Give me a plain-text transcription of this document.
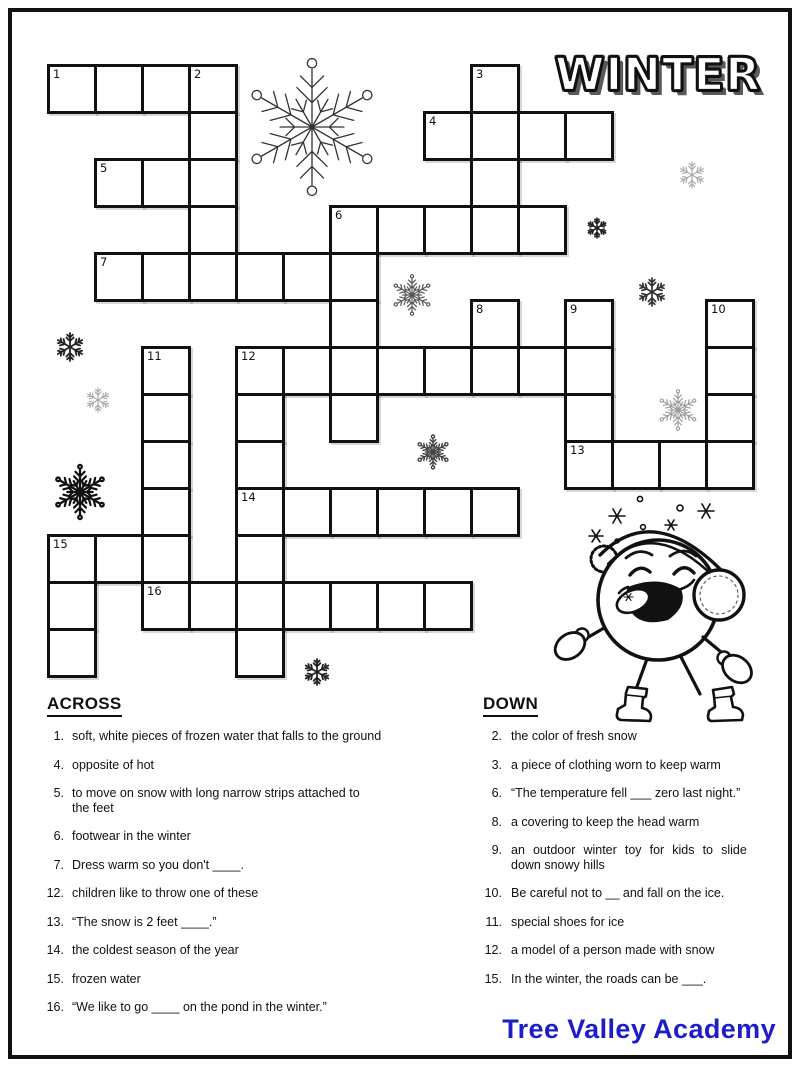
WINTER
1	2	3
4
5
6
7
8	9	10
11	12
13
14
15
16
ACROSS
1. soft, white pieces of frozen water that falls to the ground
4. opposite of hot
5. to move on snow with long narrow strips attached to
the feet
6. footwear in the winter
7. Dress warm so you don't ____.
12. children like to throw one of these
13. “The snow is 2 feet ____.”
14. the coldest season of the year
15. frozen water
16. “We like to go ____ on the pond in the winter.”
DOWN
2. the color of fresh snow
3. a piece of clothing worn to keep warm
6. “The temperature fell ___ zero last night.”
8. a covering to keep the head warm
9. an outdoor winter toy for kids to slide
down snowy hills
10. Be careful not to __ and fall on the ice.
11. special shoes for ice
12. a model of a person made with snow
15. In the winter, the roads can be ___.

Tree Valley Academy
